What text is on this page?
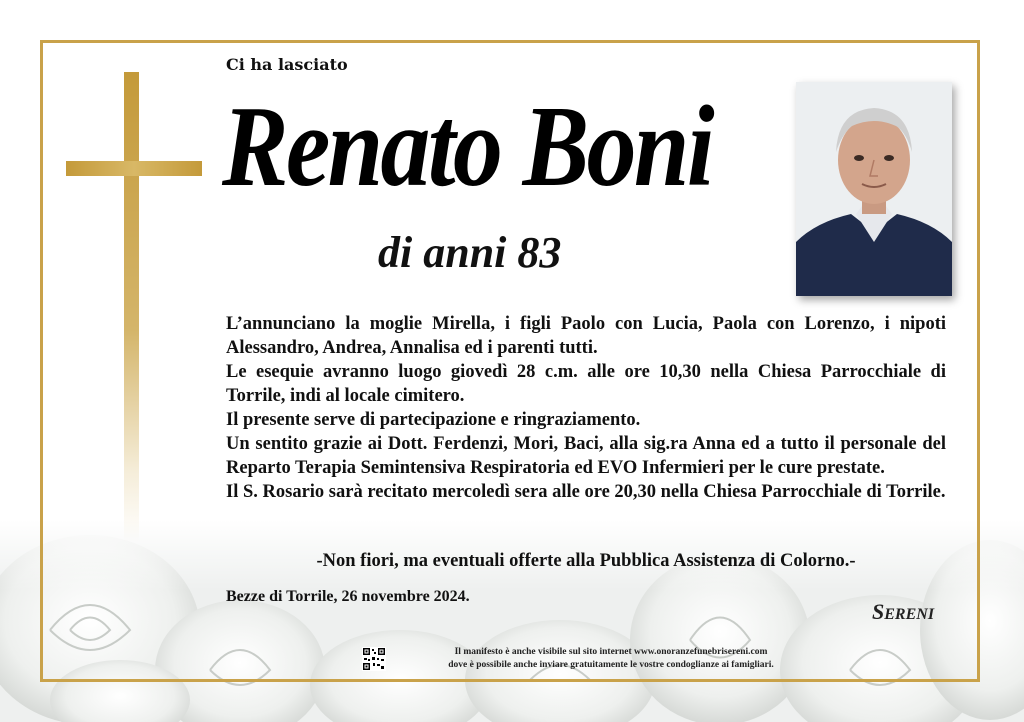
Ci ha lasciato
Renato Boni
di anni 83

L’annunciano la moglie Mirella, i figli Paolo con Lucia, Paola con Lorenzo, i nipoti Alessandro, Andrea, Annalisa ed i parenti tutti.

Le esequie avranno luogo giovedì 28 c.m. alle ore 10,30 nella Chiesa Parrocchiale di Torrile, indi al locale cimitero.

Il presente serve di partecipazione e ringraziamento.

Un sentito grazie ai Dott. Ferdenzi, Mori, Baci, alla sig.ra Anna ed a tutto il personale del Reparto Terapia Semintensiva Respiratoria ed EVO Infermieri per le cure prestate.

Il S. Rosario sarà recitato mercoledì sera alle ore 20,30 nella Chiesa Parrocchiale di Torrile.

-Non fiori, ma eventuali offerte alla Pubblica Assistenza di Colorno.-
Bezze di Torrile, 26 novembre 2024.
SERENI
Il manifesto è anche visibile sul sito internet www.onoranzefunebrisereni.com
dove è possibile anche inviare gratuitamente le vostre condoglianze ai famigliari.
